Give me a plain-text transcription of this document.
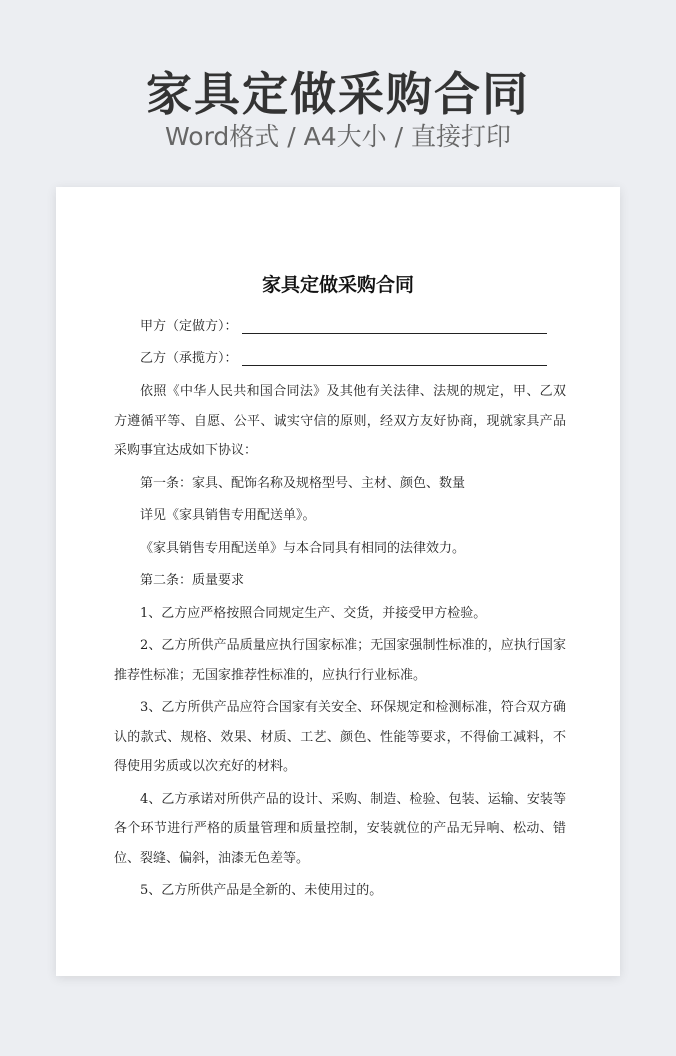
家具定做采购合同
Word格式 / A4大小 / 直接打印
家具定做采购合同
甲方（定做方）：
乙方（承揽方）：

依照《中华人民共和国合同法》及其他有关法律、法规的规定，甲、乙双方遵循平等、自愿、公平、诚实守信的原则，经双方友好协商，现就家具产品采购事宜达成如下协议：

第一条：家具、配饰名称及规格型号、主材、颜色、数量

详见《家具销售专用配送单》。

《家具销售专用配送单》与本合同具有相同的法律效力。

第二条：质量要求

1、乙方应严格按照合同规定生产、交货，并接受甲方检验。

2、乙方所供产品质量应执行国家标准；无国家强制性标准的，应执行国家推荐性标准；无国家推荐性标准的，应执行行业标准。

3、乙方所供产品应符合国家有关安全、环保规定和检测标准，符合双方确认的款式、规格、效果、材质、工艺、颜色、性能等要求，不得偷工减料，不得使用劣质或以次充好的材料。

4、乙方承诺对所供产品的设计、采购、制造、检验、包装、运输、安装等各个环节进行严格的质量管理和质量控制，安装就位的产品无异响、松动、错位、裂缝、偏斜，油漆无色差等。

5、乙方所供产品是全新的、未使用过的。
